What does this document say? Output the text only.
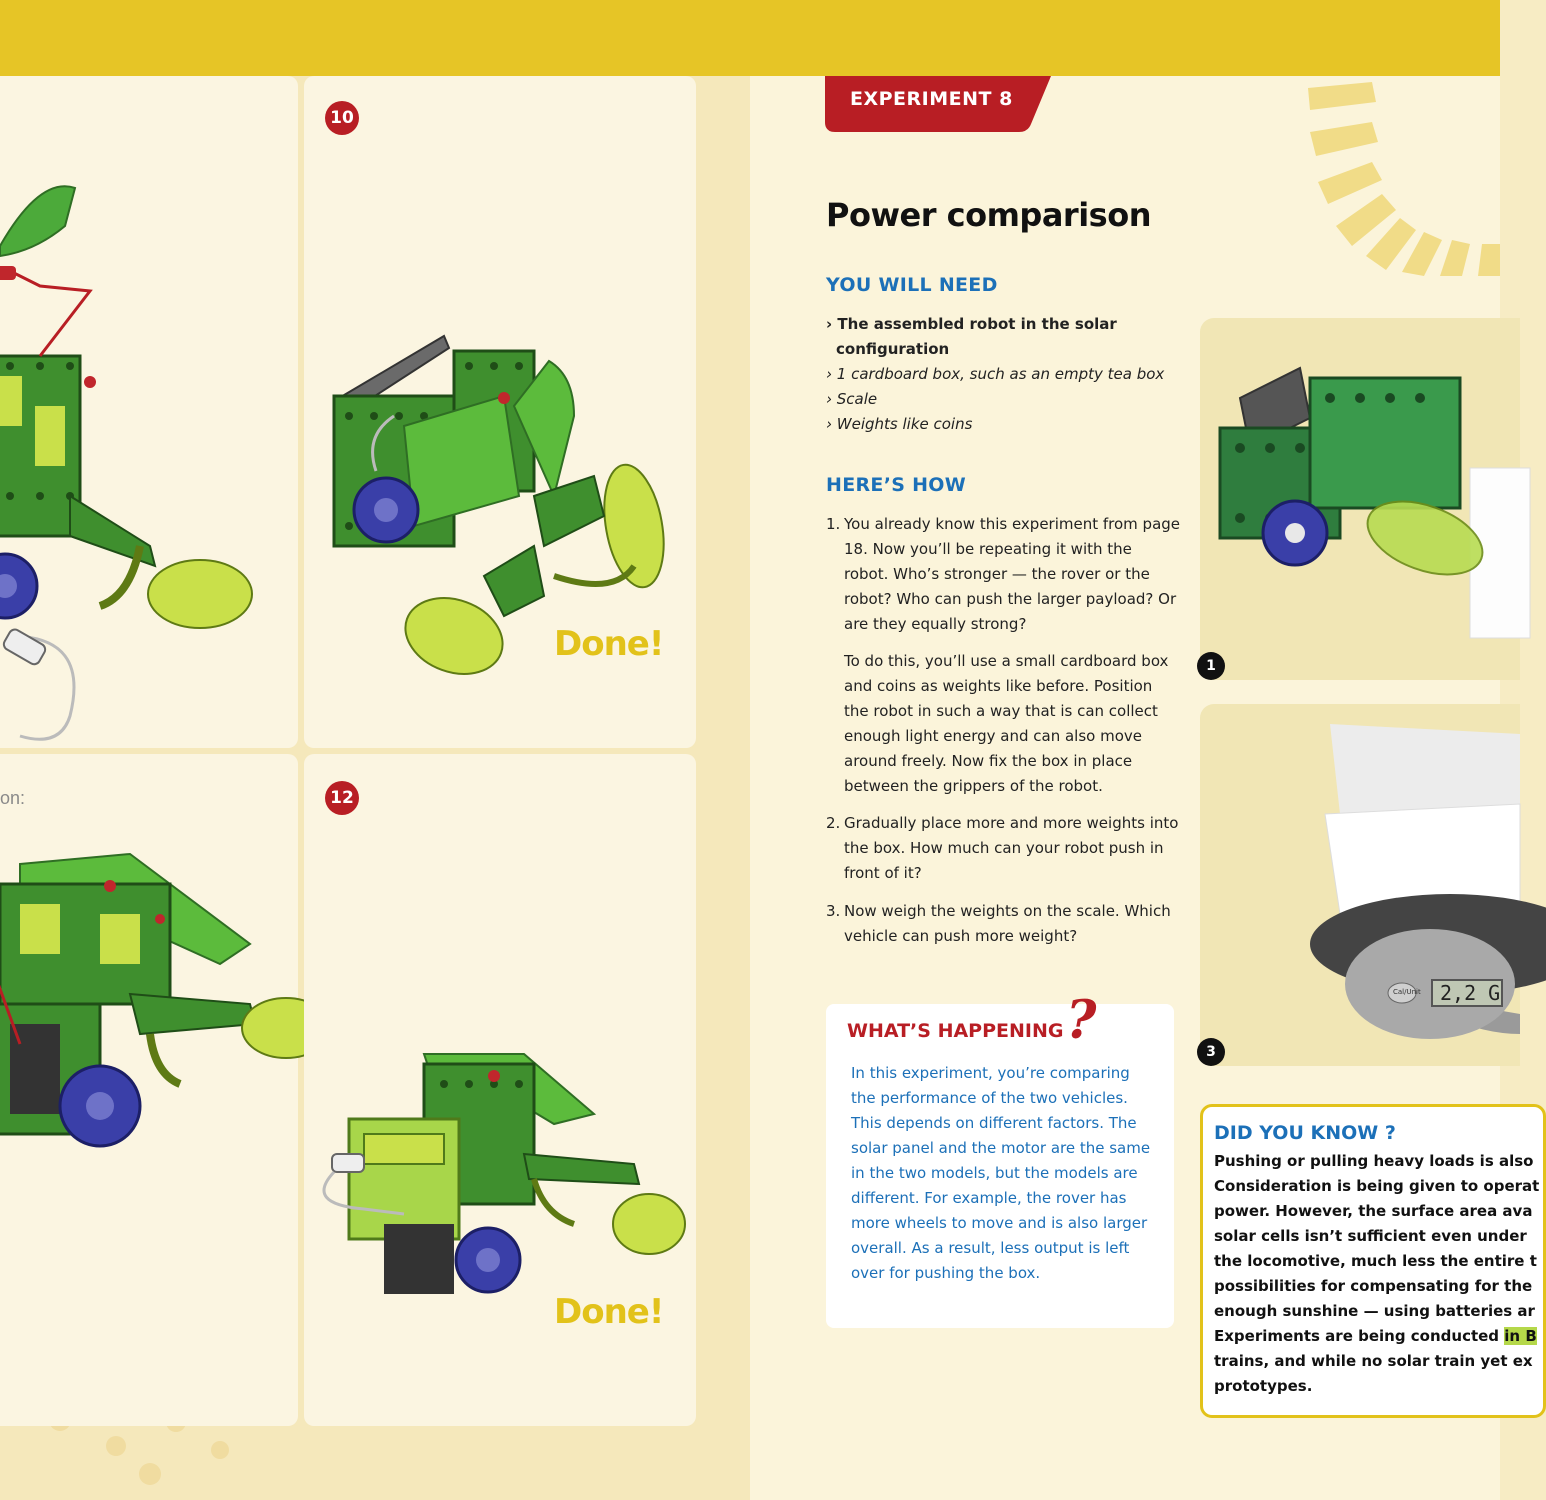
10
Done!
on:	12
Done!
EXPERIMENT 8
Power comparison
YOU WILL NEED
› The assembled robot in the solar configuration
› 1 cardboard box, such as an empty tea box
› Scale
› Weights like coins
HERE’S HOW
1. You already know this experiment from page 18. Now you’ll be repeating it with the robot. Who’s stronger — the rover or the robot? Who can push the larger payload? Or are they equally strong?
To do this, you’ll use a small cardboard box and coins as weights like before. Position the robot in such a way that is can collect enough light energy and can also move around freely. Now fix the box in place between the grippers of the robot.
2. Gradually place more and more weights into the box. How much can your robot push in front of it?
3. Now weigh the weights on the scale. Which vehicle can push more weight?
WHAT’S HAPPENING ?
In this experiment, you’re comparing the performance of the two vehicles. This depends on different factors. The solar panel and the motor are the same in the two models, but the models are different. For example, the rover has more wheels to move and is also larger overall. As a result, less output is left over for pushing the box.
1
2,2 G
Cal/Unit
3
DID YOU KNOW ?
Pushing or pulling heavy loads is also
Consideration is being given to operat
power. However, the surface area ava
solar cells isn’t sufficient even under
the locomotive, much less the entire t
possibilities for compensating for the
enough sunshine — using batteries ar
Experiments are being conducted in B
trains, and while no solar train yet ex
prototypes.
